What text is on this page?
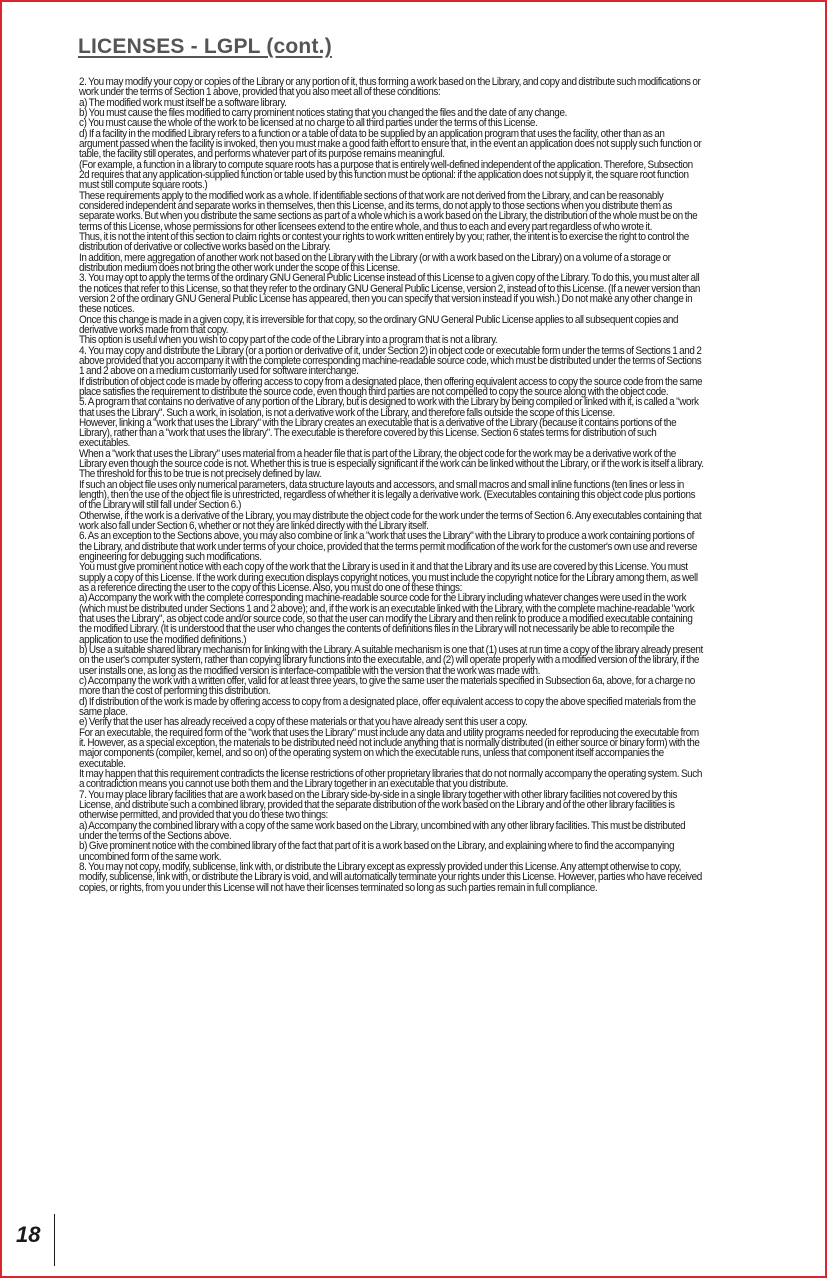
LICENSES - LGPL (cont.)

2. You may modify your copy or copies of the Library or any portion of it, thus forming a work based on the Library, and copy and distribute such modifications or work under the terms of Section 1 above, provided that you also meet all of these conditions:

a) The modified work must itself be a software library.

b) You must cause the files modified to carry prominent notices stating that you changed the files and the date of any change.

c) You must cause the whole of the work to be licensed at no charge to all third parties under the terms of this License.

d) If a facility in the modified Library refers to a function or a table of data to be supplied by an application program that uses the facility, other than as an argument passed when the facility is invoked, then you must make a good faith effort to ensure that, in the event an application does not supply such function or table, the facility still operates, and performs whatever part of its purpose remains meaningful.

(For example, a function in a library to compute square roots has a purpose that is entirely well-defined independent of the application. Therefore, Subsection 2d requires that any application-supplied function or table used by this function must be optional: if the application does not supply it, the square root function must still compute square roots.)

These requirements apply to the modified work as a whole. If identifiable sections of that work are not derived from the Library, and can be reasonably considered independent and separate works in themselves, then this License, and its terms, do not apply to those sections when you distribute them as separate works. But when you distribute the same sections as part of a whole which is a work based on the Library, the distribution of the whole must be on the terms of this License, whose permissions for other licensees extend to the entire whole, and thus to each and every part regardless of who wrote it.

Thus, it is not the intent of this section to claim rights or contest your rights to work written entirely by you; rather, the intent is to exercise the right to control the distribution of derivative or collective works based on the Library.

In addition, mere aggregation of another work not based on the Library with the Library (or with a work based on the Library) on a volume of a storage or distribution medium does not bring the other work under the scope of this License.

3. You may opt to apply the terms of the ordinary GNU General Public License instead of this License to a given copy of the Library. To do this, you must alter all the notices that refer to this License, so that they refer to the ordinary GNU General Public License, version 2, instead of to this License. (If a newer version than version 2 of the ordinary GNU General Public License has appeared, then you can specify that version instead if you wish.) Do not make any other change in these notices.

Once this change is made in a given copy, it is irreversible for that copy, so the ordinary GNU General Public License applies to all subsequent copies and derivative works made from that copy.

This option is useful when you wish to copy part of the code of the Library into a program that is not a library.

4. You may copy and distribute the Library (or a portion or derivative of it, under Section 2) in object code or executable form under the terms of Sections 1 and 2 above provided that you accompany it with the complete corresponding machine-readable source code, which must be distributed under the terms of Sections 1 and 2 above on a medium customarily used for software interchange.

If distribution of object code is made by offering access to copy from a designated place, then offering equivalent access to copy the source code from the same place satisfies the requirement to distribute the source code, even though third parties are not compelled to copy the source along with the object code.

5. A program that contains no derivative of any portion of the Library, but is designed to work with the Library by being compiled or linked with it, is called a "work that uses the Library". Such a work, in isolation, is not a derivative work of the Library, and therefore falls outside the scope of this License.

However, linking a "work that uses the Library" with the Library creates an executable that is a derivative of the Library (because it contains portions of the Library), rather than a "work that uses the library". The executable is therefore covered by this License. Section 6 states terms for distribution of such executables.

When a "work that uses the Library" uses material from a header file that is part of the Library, the object code for the work may be a derivative work of the Library even though the source code is not. Whether this is true is especially significant if the work can be linked without the Library, or if the work is itself a library. The threshold for this to be true is not precisely defined by law.

If such an object file uses only numerical parameters, data structure layouts and accessors, and small macros and small inline functions (ten lines or less in length), then the use of the object file is unrestricted, regardless of whether it is legally a derivative work. (Executables containing this object code plus portions of the Library will still fall under Section 6.)

Otherwise, if the work is a derivative of the Library, you may distribute the object code for the work under the terms of Section 6. Any executables containing that work also fall under Section 6, whether or not they are linked directly with the Library itself.

6. As an exception to the Sections above, you may also combine or link a "work that uses the Library" with the Library to produce a work containing portions of the Library, and distribute that work under terms of your choice, provided that the terms permit modification of the work for the customer's own use and reverse engineering for debugging such modifications.

You must give prominent notice with each copy of the work that the Library is used in it and that the Library and its use are covered by this License. You must supply a copy of this License. If the work during execution displays copyright notices, you must include the copyright notice for the Library among them, as well as a reference directing the user to the copy of this License. Also, you must do one of these things:

a) Accompany the work with the complete corresponding machine-readable source code for the Library including whatever changes were used in the work (which must be distributed under Sections 1 and 2 above); and, if the work is an executable linked with the Library, with the complete machine-readable "work that uses the Library", as object code and/or source code, so that the user can modify the Library and then relink to produce a modified executable containing the modified Library. (It is understood that the user who changes the contents of definitions files in the Library will not necessarily be able to recompile the application to use the modified definitions.)

b) Use a suitable shared library mechanism for linking with the Library. A suitable mechanism is one that (1) uses at run time a copy of the library already present on the user's computer system, rather than copying library functions into the executable, and (2) will operate properly with a modified version of the library, if the user installs one, as long as the modified version is interface-compatible with the version that the work was made with.

c) Accompany the work with a written offer, valid for at least three years, to give the same user the materials specified in Subsection 6a, above, for a charge no more than the cost of performing this distribution.

d) If distribution of the work is made by offering access to copy from a designated place, offer equivalent access to copy the above specified materials from the same place.

e) Verify that the user has already received a copy of these materials or that you have already sent this user a copy.

For an executable, the required form of the "work that uses the Library" must include any data and utility programs needed for reproducing the executable from it. However, as a special exception, the materials to be distributed need not include anything that is normally distributed (in either source or binary form) with the major components (compiler, kernel, and so on) of the operating system on which the executable runs, unless that component itself accompanies the executable.

It may happen that this requirement contradicts the license restrictions of other proprietary libraries that do not normally accompany the operating system. Such a contradiction means you cannot use both them and the Library together in an executable that you distribute.

7. You may place library facilities that are a work based on the Library side-by-side in a single library together with other library facilities not covered by this License, and distribute such a combined library, provided that the separate distribution of the work based on the Library and of the other library facilities is otherwise permitted, and provided that you do these two things:

a) Accompany the combined library with a copy of the same work based on the Library, uncombined with any other library facilities. This must be distributed under the terms of the Sections above.

b) Give prominent notice with the combined library of the fact that part of it is a work based on the Library, and explaining where to find the accompanying uncombined form of the same work.

8. You may not copy, modify, sublicense, link with, or distribute the Library except as expressly provided under this License. Any attempt otherwise to copy, modify, sublicense, link with, or distribute the Library is void, and will automatically terminate your rights under this License. However, parties who have received copies, or rights, from you under this License will not have their licenses terminated so long as such parties remain in full compliance.

18
